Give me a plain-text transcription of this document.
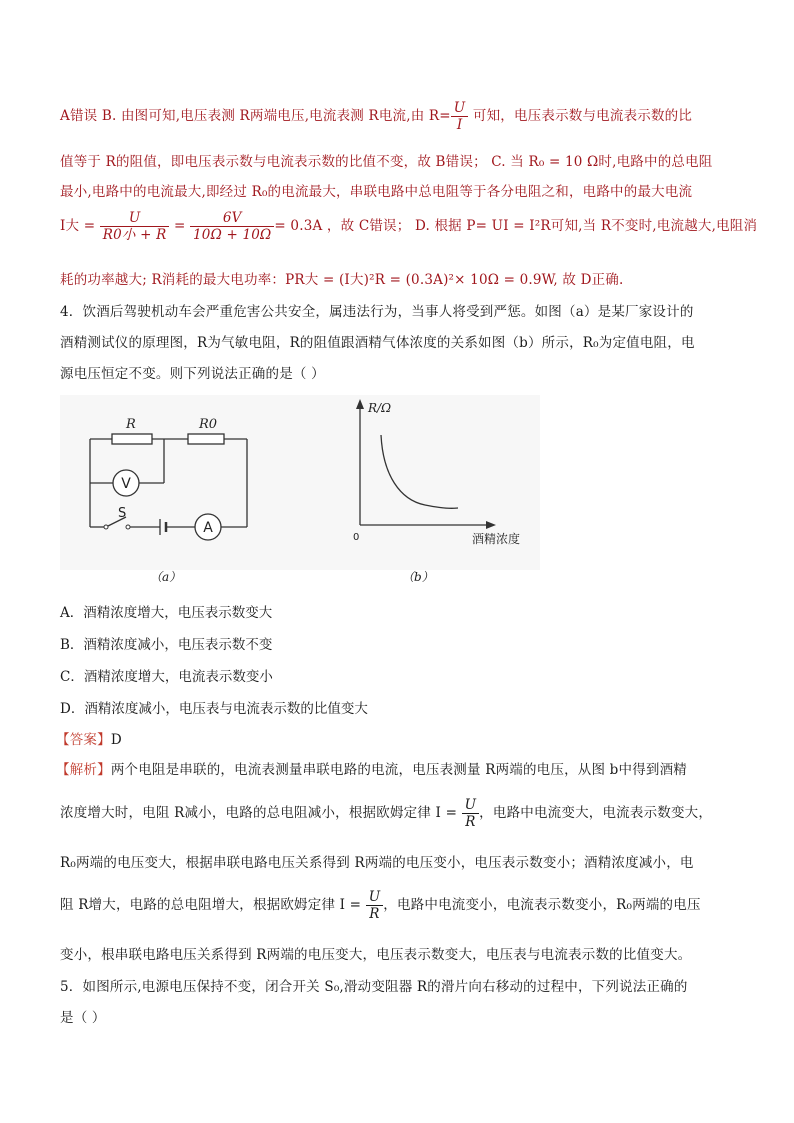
A错误 B. 由图可知,电压表测 R两端电压,电流表测 R电流,由 $R= \frac{U}{I}$ 可知，电压表示数与电流表示数的比
值等于 R的阻值，即电压表示数与电流表示数的比值不变，故 B错误； C. 当 R₀ = 10 Ω时,电路中的总电阻
最小,电路中的电流最大,即经过 R₀的电流最大，串联电路中总电阻等于各分电阻之和，电路中的最大电流
I大 = $\frac{U}{\text{R0小 + R}} = \frac{6V}{10\Omega + 10\Omega} = 0.3A$ ，故 C错误； D. 根据 P= UI = I²R可知,当 R不变时,电流越大,电阻消
耗的功率越大; R消耗的最大电功率：PR大 = (I大)²R = (0.3A)²× 10Ω = 0.9W, 故 D正确.
4．饮酒后驾驶机动车会严重危害公共安全，属违法行为，当事人将受到严惩。如图（a）是某厂家设计的
酒精测试仪的原理图，R为气敏电阻，R的阻值跟酒精气体浓度的关系如图（b）所示，R₀为定值电阻，电
源电压恒定不变。则下列说法正确的是（ ）
V
A
R	R0
S
R/Ω
酒精浓度
0
（a）	（b）
A．酒精浓度增大，电压表示数变大
B．酒精浓度减小，电压表示数不变
C．酒精浓度增大，电流表示数变小
D．酒精浓度减小，电压表与电流表示数的比值变大
【答案】D
【解析】两个电阻是串联的，电流表测量串联电路的电流，电压表测量 R两端的电压，从图 b中得到酒精
浓度增大时，电阻 R减小，电路的总电阻减小，根据欧姆定律 $I = \frac{U}{R}$ ，电路中电流变大，电流表示数变大，
R₀两端的电压变大，根据串联电路电压关系得到 R两端的电压变小，电压表示数变小；酒精浓度减小，电
阻 R增大，电路的总电阻增大，根据欧姆定律 $I = \frac{U}{R}$ ，电路中电流变小，电流表示数变小，R₀两端的电压
变小，根串联电路电压关系得到 R两端的电压变大，电压表示数变大，电压表与电流表示数的比值变大。
5．如图所示,电源电压保持不变，闭合开关 S₀,滑动变阻器 R的滑片向右移动的过程中，下列说法正确的
是（ ）
